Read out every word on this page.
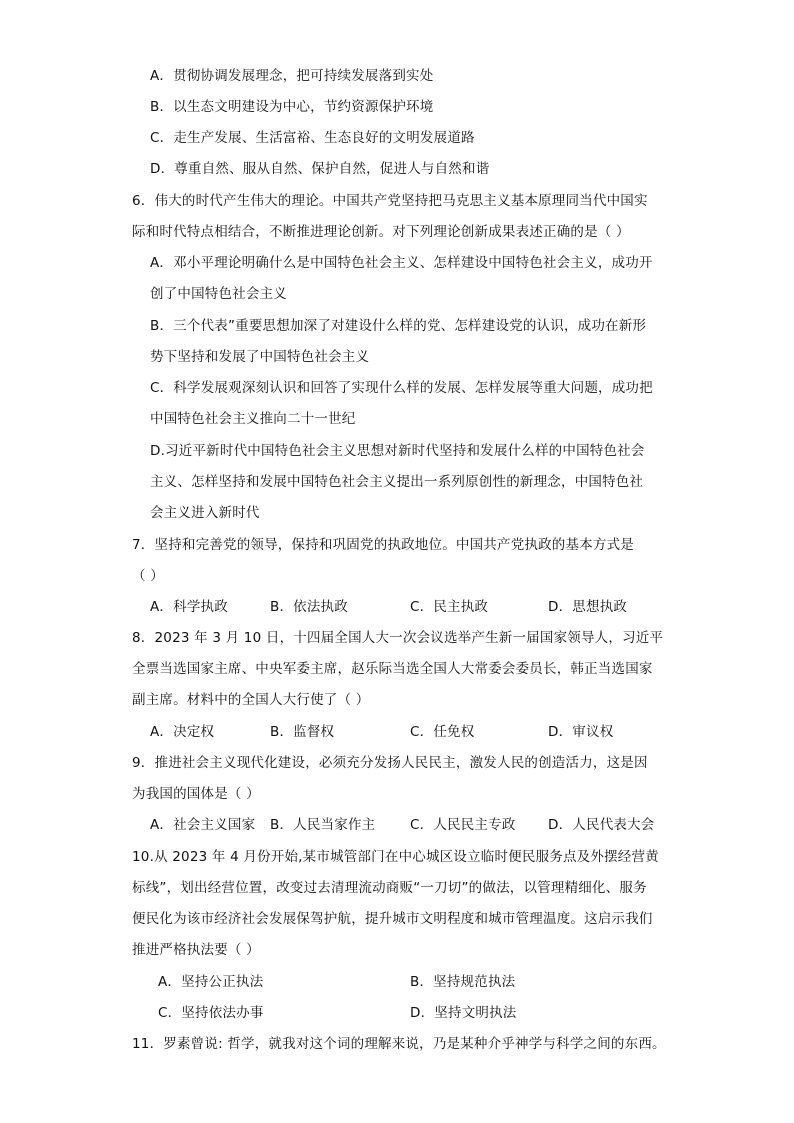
A．贯彻协调发展理念，把可持续发展落到实处
B．以生态文明建设为中心，节约资源保护环境
C．走生产发展、生活富裕、生态良好的文明发展道路
D．尊重自然、服从自然、保护自然，促进人与自然和谐
6．伟大的时代产生伟大的理论。中国共产党坚持把马克思主义基本原理同当代中国实
际和时代特点相结合，不断推进理论创新。对下列理论创新成果表述正确的是（ ）
A．邓小平理论明确什么是中国特色社会主义、怎样建设中国特色社会主义，成功开
创了中国特色社会主义
B．三个代表”重要思想加深了对建设什么样的党、怎样建设党的认识，成功在新形
势下坚持和发展了中国特色社会主义
C．科学发展观深刻认识和回答了实现什么样的发展、怎样发展等重大问题，成功把
中国特色社会主义推向二十一世纪
D.习近平新时代中国特色社会主义思想对新时代坚持和发展什么样的中国特色社会
主义、怎样坚持和发展中国特色社会主义提出一系列原创性的新理念，中国特色社
会主义进入新时代
7．坚持和完善党的领导，保持和巩固党的执政地位。中国共产党执政的基本方式是
（ ）
A．科学执政	B．依法执政	C．民主执政	D．思想执政
8．2023 年 3 月 10 日，十四届全国人大一次会议选举产生新一届国家领导人，习近平
全票当选国家主席、中央军委主席，赵乐际当选全国人大常委会委员长，韩正当选国家
副主席。材料中的全国人大行使了（ ）
A．决定权	B．监督权	C．任免权	D．审议权
9．推进社会主义现代化建设，必须充分发扬人民民主，激发人民的创造活力，这是因
为我国的国体是（ ）
A．社会主义国家 B．人民当家作主	C．人民民主专政 D．人民代表大会
10.从 2023 年 4 月份开始,某市城管部门在中心城区设立临时便民服务点及外摆经营黄
标线”，划出经营位置，改变过去清理流动商贩“一刀切”的做法，以管理精细化、服务
便民化为该市经济社会发展保驾护航，提升城市文明程度和城市管理温度。这启示我们
推进严格执法要（ ）
A．坚持公正执法	B．坚持规范执法
C．坚持依法办事	D．坚持文明执法
11．罗素曾说: 哲学，就我对这个词的理解来说，乃是某种介乎神学与科学之间的东西。
